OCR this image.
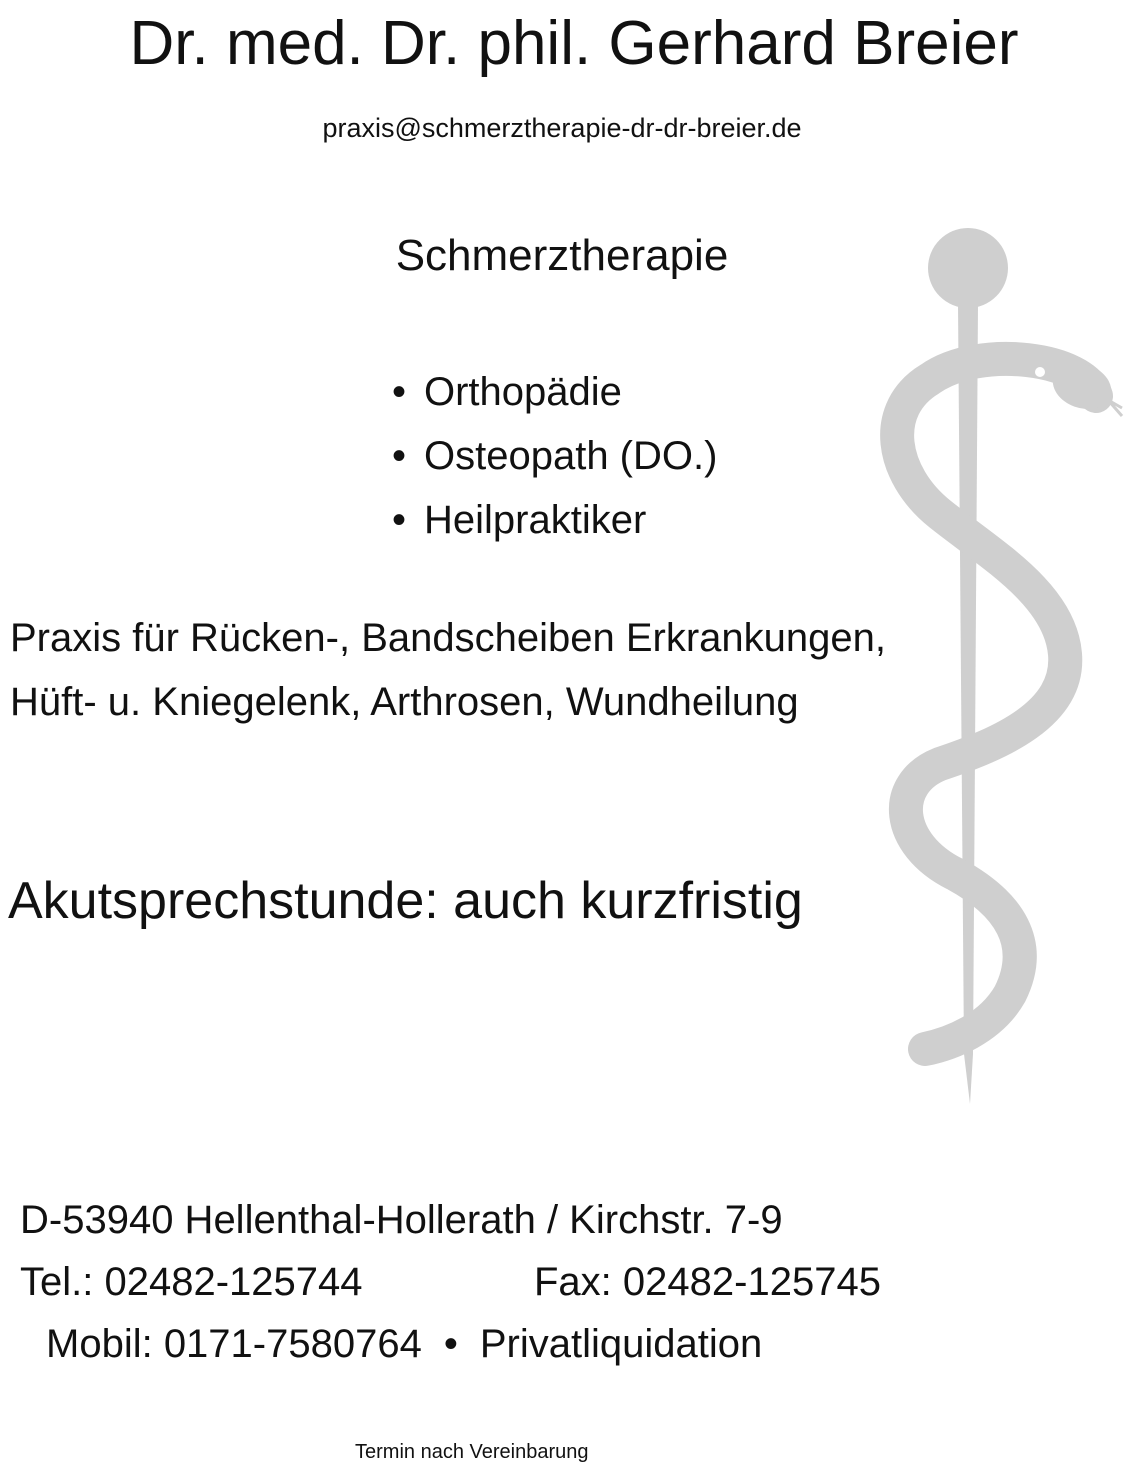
Dr. med. Dr. phil. Gerhard Breier
praxis@schmerztherapie-dr-dr-breier.de
Schmerztherapie
• Orthopädie
• Osteopath (DO.)
• Heilpraktiker
Praxis für Rücken-, Bandscheiben Erkrankungen,
Hüft- u. Kniegelenk, Arthrosen, Wundheilung
Akutsprechstunde: auch kurzfristig
D-53940 Hellenthal-Hollerath / Kirchstr. 7-9
Tel.: 02482-125744	Fax: 02482-125745
Mobil: 0171-7580764 • Privatliquidation
Termin nach Vereinbarung
